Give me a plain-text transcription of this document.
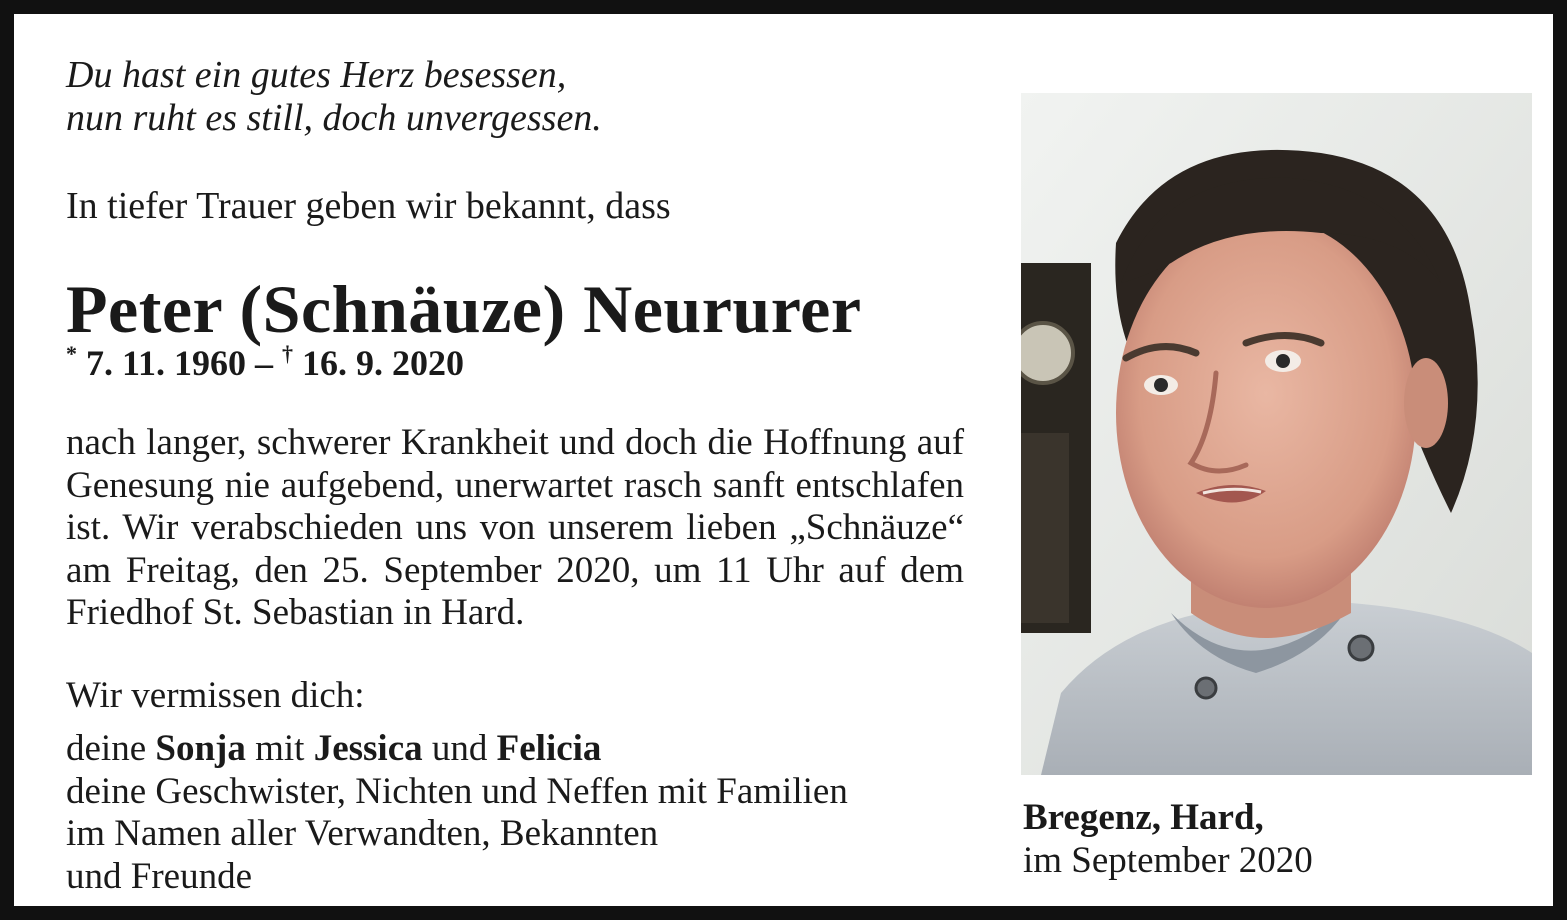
Du hast ein gutes Herz besessen,
nun ruht es still, doch unvergessen.

In tiefer Trauer geben wir bekannt, dass

Peter (Schnäuze) Neururer
* 7. 11. 1960 – † 16. 9. 2020

nach langer, schwerer Krankheit und doch die Hoffnung auf Genesung nie aufgebend, unerwartet rasch sanft entschlafen ist. Wir verabschieden uns von unserem lieben „Schnäuze“ am Freitag, den 25. September 2020, um 11 Uhr auf dem Friedhof St. Sebastian in Hard.

Wir vermissen dich:

deine Sonja mit Jessica und Felicia
deine Geschwister, Nichten und Neffen mit Familien
im Namen aller Verwandten, Bekannten
und Freunde

Bregenz, Hard,
im September 2020
